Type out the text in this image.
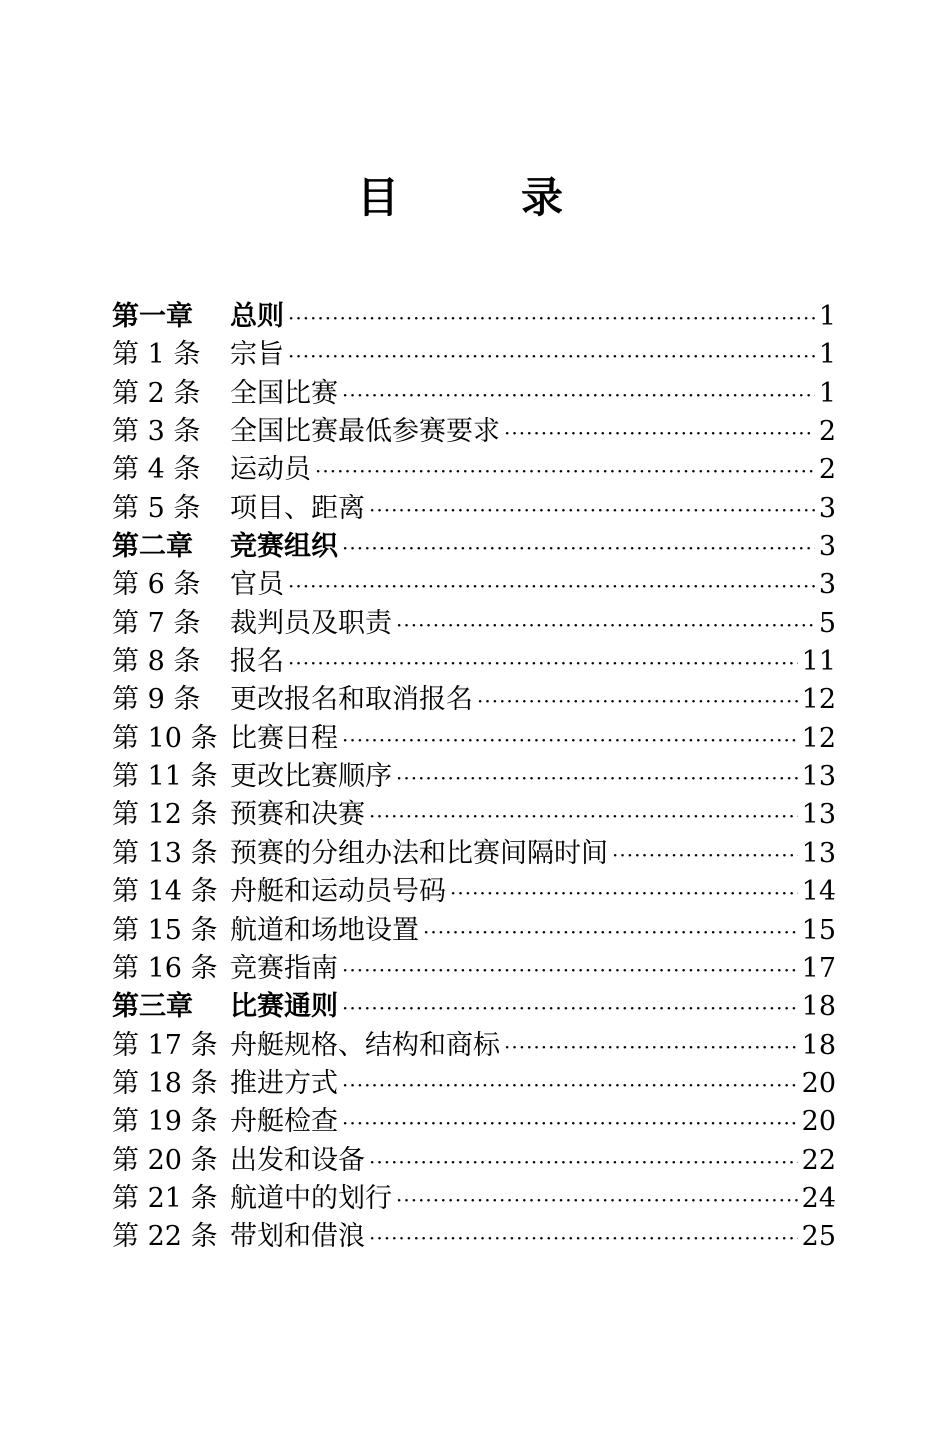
目　录
第一章	总则 ·····	1
第 1 条	宗旨 ·····	1
第 2 条	全国比赛 ·····	1
第 3 条	全国比赛最低参赛要求 ·····	2
第 4 条	运动员 ·····	2
第 5 条	项目、距离 ·····	3
第二章	竞赛组织 ·····	3
第 6 条	官员 ·····	3
第 7 条	裁判员及职责 ·····	5
第 8 条	报名 ·····	11
第 9 条	更改报名和取消报名 ·····	12
第 10 条 比赛日程 ·····	12
第 11 条 更改比赛顺序 ·····	13
第 12 条 预赛和决赛 ·····	13
第 13 条 预赛的分组办法和比赛间隔时间 ·····	13
第 14 条 舟艇和运动员号码 ·····	14
第 15 条 航道和场地设置 ·····	15
第 16 条 竞赛指南 ·····	17
第三章	比赛通则 ·····	18
第 17 条 舟艇规格、结构和商标 ·····	18
第 18 条 推进方式 ·····	20
第 19 条 舟艇检查 ·····	20
第 20 条 出发和设备 ·····	22
第 21 条 航道中的划行 ·····	24
第 22 条 带划和借浪 ·····	25
